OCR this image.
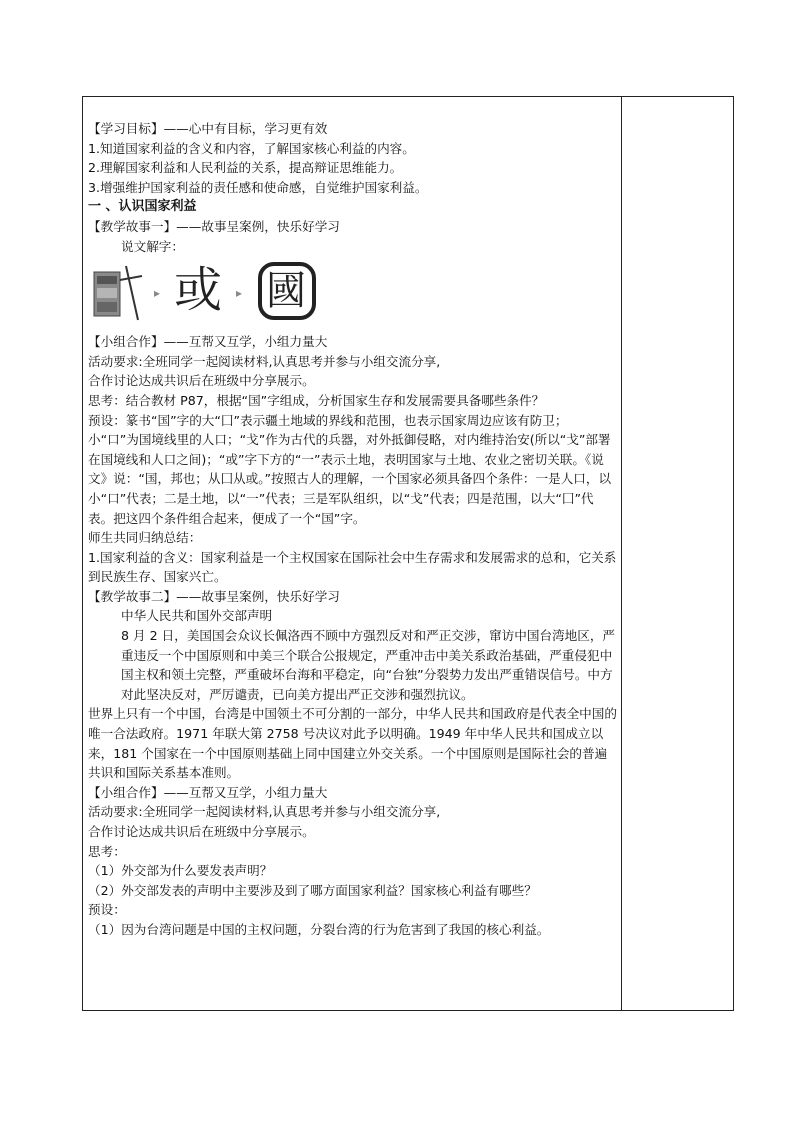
【学习目标】——心中有目标，学习更有效

1.知道国家利益的含义和内容，了解国家核心利益的内容。

2.理解国家利益和人民利益的关系，提高辩证思维能力。

3.增强维护国家利益的责任感和使命感，自觉维护国家利益。

一 、认识国家利益

【教学故事一】——故事呈案例，快乐好学习

说文解字：

▸ 或 ▸ 國

【小组合作】——互帮又互学，小组力量大

活动要求:全班同学一起阅读材料,认真思考并参与小组交流分享,

合作讨论达成共识后在班级中分享展示。

思考：结合教材 P87，根据“国”字组成，分析国家生存和发展需要具备哪些条件？

预设：篆书“国”字的大“囗”表示疆土地域的界线和范围，也表示国家周边应该有防卫；小“口”为国境线里的人口；“戈”作为古代的兵器，对外抵御侵略，对内维持治安(所以“戈”部署在国境线和人口之间)；“或”字下方的“一”表示土地，表明国家与土地、农业之密切关联。《说文》说：“国，邦也；从囗从或。”按照古人的理解，一个国家必须具备四个条件：一是人口，以小“口”代表；二是土地，以“一”代表；三是军队组织，以“戈”代表；四是范围，以大“囗”代表。把这四个条件组合起来，便成了一个“国”字。

师生共同归纳总结：

1.国家利益的含义：国家利益是一个主权国家在国际社会中生存需求和发展需求的总和，它关系到民族生存、国家兴亡。

【教学故事二】——故事呈案例，快乐好学习

中华人民共和国外交部声明

8 月 2 日，美国国会众议长佩洛西不顾中方强烈反对和严正交涉，窜访中国台湾地区，严重违反一个中国原则和中美三个联合公报规定，严重冲击中美关系政治基础，严重侵犯中国主权和领土完整，严重破坏台海和平稳定，向“台独”分裂势力发出严重错误信号。中方对此坚决反对，严厉谴责，已向美方提出严正交涉和强烈抗议。

世界上只有一个中国，台湾是中国领土不可分割的一部分，中华人民共和国政府是代表全中国的唯一合法政府。1971 年联大第 2758 号决议对此予以明确。1949 年中华人民共和国成立以来，181 个国家在一个中国原则基础上同中国建立外交关系。一个中国原则是国际社会的普遍共识和国际关系基本准则。

【小组合作】——互帮又互学，小组力量大

活动要求:全班同学一起阅读材料,认真思考并参与小组交流分享,

合作讨论达成共识后在班级中分享展示。

思考：

（1）外交部为什么要发表声明？

（2）外交部发表的声明中主要涉及到了哪方面国家利益？国家核心利益有哪些？

预设：

（1）因为台湾问题是中国的主权问题，分裂台湾的行为危害到了我国的核心利益。
